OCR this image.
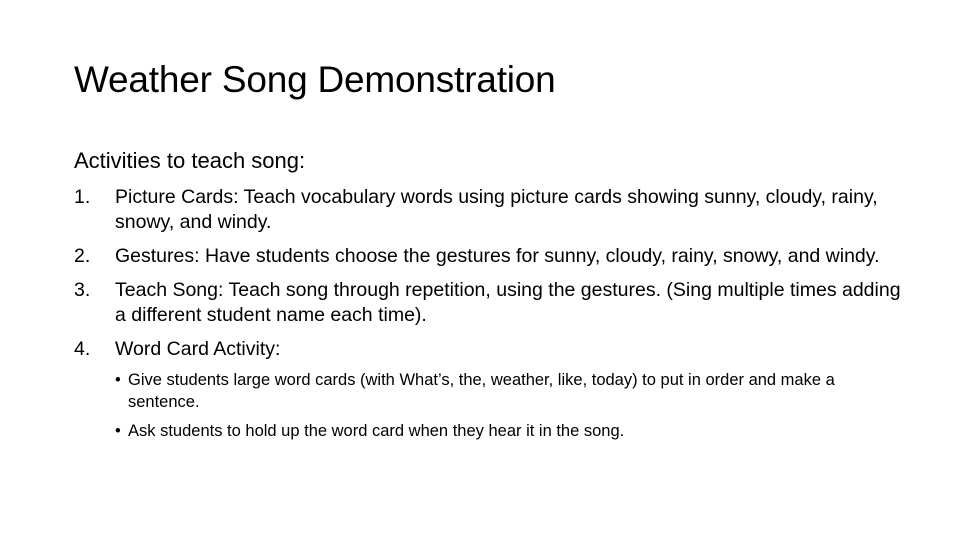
Weather Song Demonstration

Activities to teach song:

1. Picture Cards: Teach vocabulary words using picture cards showing sunny, cloudy, rainy, snowy, and windy.
2. Gestures: Have students choose the gestures for sunny, cloudy, rainy, snowy, and windy.
3. Teach Song: Teach song through repetition, using the gestures. (Sing multiple times adding a different student name each time).
4. Word Card Activity:
• Give students large word cards (with What’s, the, weather, like, today) to put in order and make a sentence.
• Ask students to hold up the word card when they hear it in the song.
